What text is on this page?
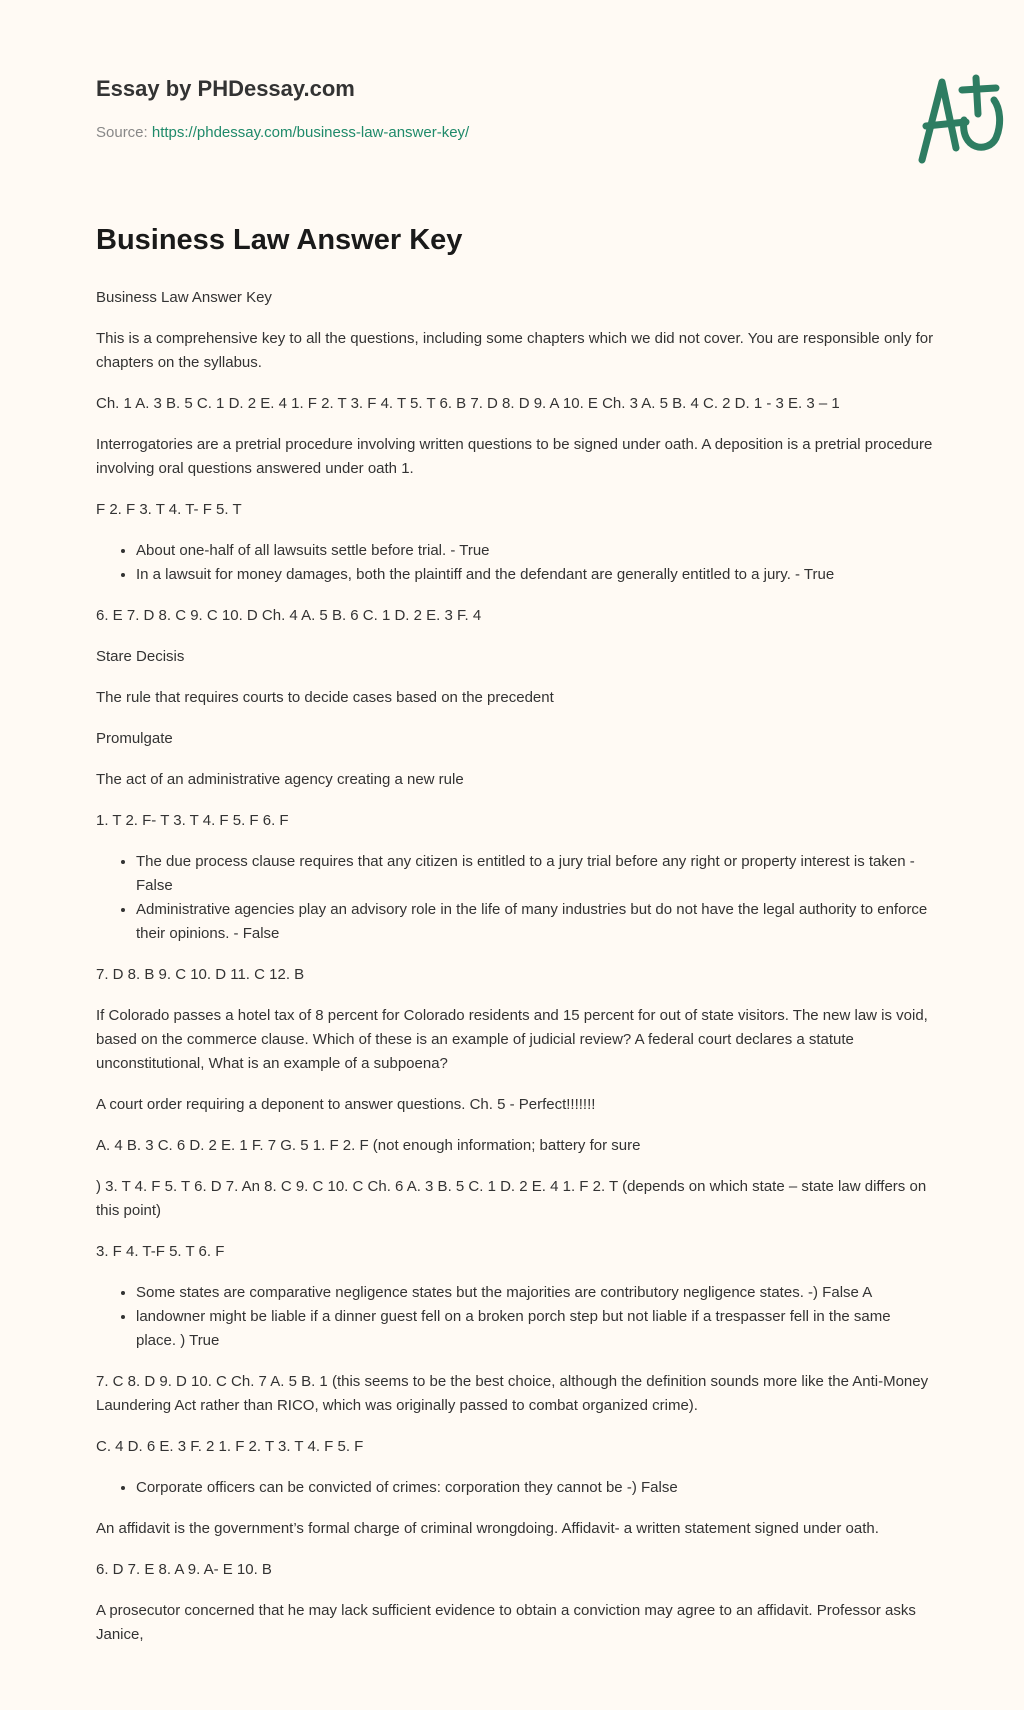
Essay by PHDessay.com

Source: https://phdessay.com/business-law-answer-key/
Business Law Answer Key

Business Law Answer Key

This is a comprehensive key to all the questions, including some chapters which we did not cover. You are responsible only for chapters on the syllabus.

Ch. 1 A. 3 B. 5 C. 1 D. 2 E. 4 1. F 2. T 3. F 4. T 5. T 6. B 7. D 8. D 9. A 10. E Ch. 3 A. 5 B. 4 C. 2 D. 1 - 3 E. 3 – 1

Interrogatories are a pretrial procedure involving written questions to be signed under oath. A deposition is a pretrial procedure involving oral questions answered under oath 1.

F 2. F 3. T 4. T- F 5. T

• About one-half of all lawsuits settle before trial. - True
• In a lawsuit for money damages, both the plaintiff and the defendant are generally entitled to a jury. - True

6. E 7. D 8. C 9. C 10. D Ch. 4 A. 5 B. 6 C. 1 D. 2 E. 3 F. 4

Stare Decisis

The rule that requires courts to decide cases based on the precedent

Promulgate

The act of an administrative agency creating a new rule

1. T 2. F- T 3. T 4. F 5. F 6. F

• The due process clause requires that any citizen is entitled to a jury trial before any right or property interest is taken - False
• Administrative agencies play an advisory role in the life of many industries but do not have the legal authority to enforce their opinions. - False

7. D 8. B 9. C 10. D 11. C 12. B

If Colorado passes a hotel tax of 8 percent for Colorado residents and 15 percent for out of state visitors. The new law is void, based on the commerce clause. Which of these is an example of judicial review? A federal court declares a statute unconstitutional, What is an example of a subpoena?

A court order requiring a deponent to answer questions. Ch. 5 - Perfect!!!!!!!

A. 4 B. 3 C. 6 D. 2 E. 1 F. 7 G. 5 1. F 2. F (not enough information; battery for sure

) 3. T 4. F 5. T 6. D 7. An 8. C 9. C 10. C Ch. 6 A. 3 B. 5 C. 1 D. 2 E. 4 1. F 2. T (depends on which state – state law differs on this point)

3. F 4. T-F 5. T 6. F

• Some states are comparative negligence states but the majorities are contributory negligence states. -) False A
• landowner might be liable if a dinner guest fell on a broken porch step but not liable if a trespasser fell in the same place. ) True

7. C 8. D 9. D 10. C Ch. 7 A. 5 B. 1 (this seems to be the best choice, although the definition sounds more like the Anti-Money Laundering Act rather than RICO, which was originally passed to combat organized crime).

C. 4 D. 6 E. 3 F. 2 1. F 2. T 3. T 4. F 5. F

• Corporate officers can be convicted of crimes: corporation they cannot be -) False

An affidavit is the government’s formal charge of criminal wrongdoing. Affidavit- a written statement signed under oath.

6. D 7. E 8. A 9. A- E 10. B

A prosecutor concerned that he may lack sufficient evidence to obtain a conviction may agree to an affidavit. Professor asks Janice,
